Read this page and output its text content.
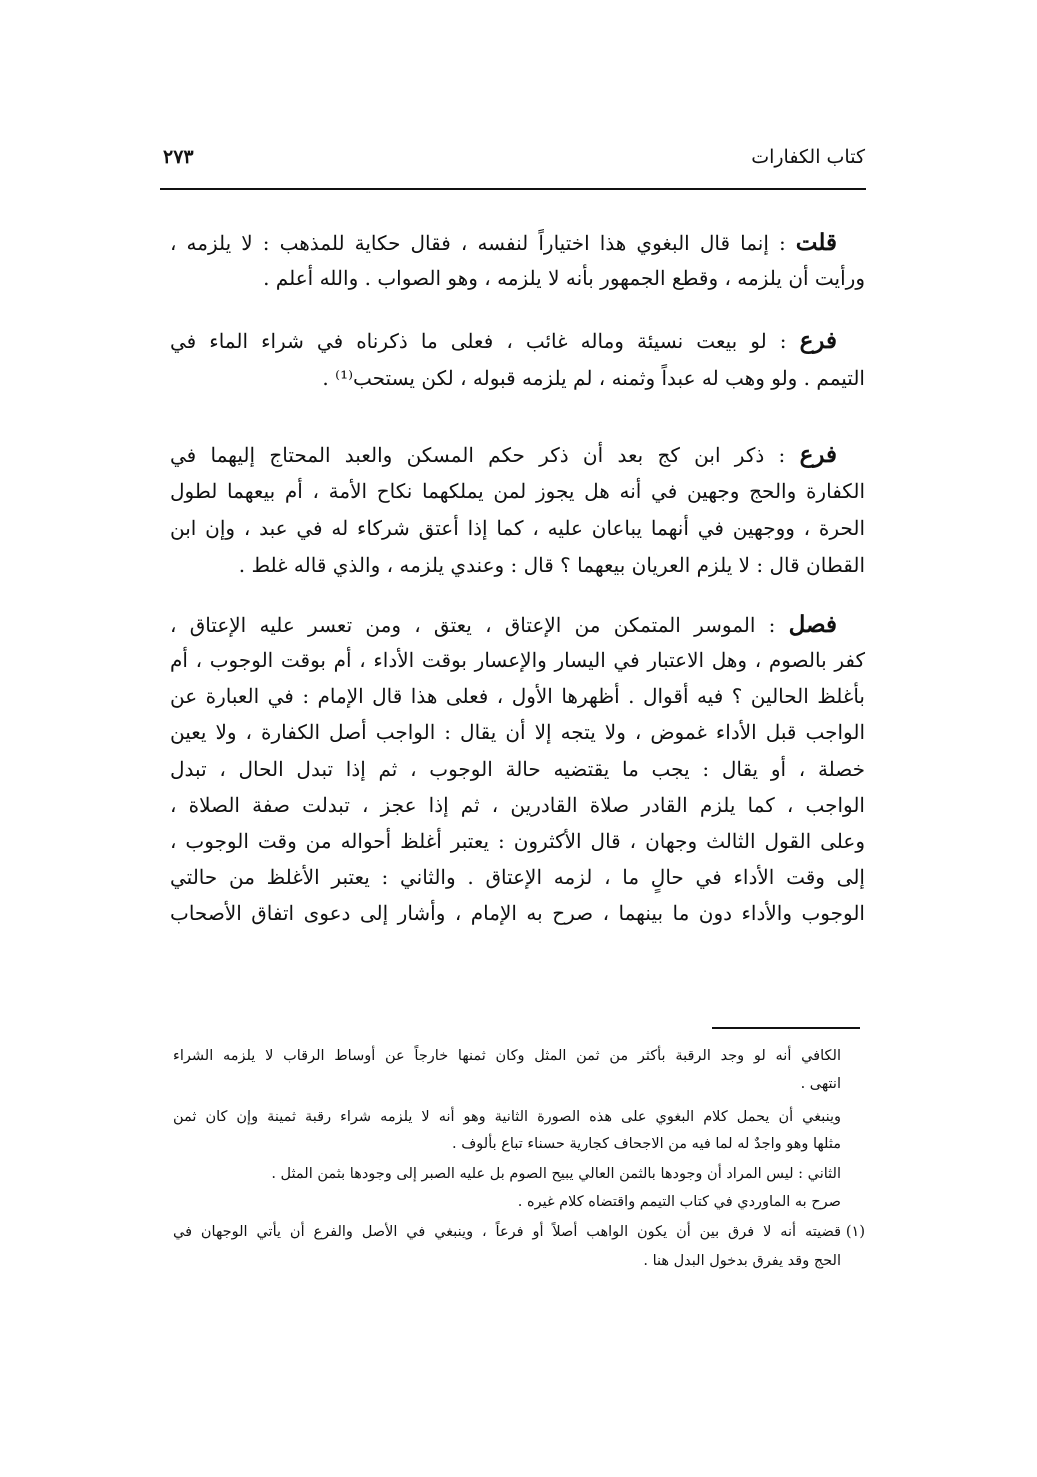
كتاب الكفارات
٢٧٣
قلت : إنما قال البغوي هذا اختياراً لنفسه ، فقال حكاية للمذهب : لا يلزمه ،
ورأيت أن يلزمه ، وقطع الجمهور بأنه لا يلزمه ، وهو الصواب . والله أعلم .
فرع : لو بيعت نسيئة وماله غائب ، فعلى ما ذكرناه في شراء الماء في
التيمم . ولو وهب له عبداً وثمنه ، لم يلزمه قبوله ، لكن يستحب⁽¹⁾ .
فرع : ذكر ابن كج بعد أن ذكر حكم المسكن والعبد المحتاج إليهما في
الكفارة والحج وجهين في أنه هل يجوز لمن يملكهما نكاح الأمة ، أم بيعهما لطول
الحرة ، ووجهين في أنهما يباعان عليه ، كما إذا أعتق شركاء له في عبد ، وإن ابن
القطان قال : لا يلزم العريان بيعهما ؟ قال : وعندي يلزمه ، والذي قاله غلط .
فصل : الموسر المتمكن من الإعتاق ، يعتق ، ومن تعسر عليه الإعتاق ،
كفر بالصوم ، وهل الاعتبار في اليسار والإعسار بوقت الأداء ، أم بوقت الوجوب ، أم
بأغلظ الحالين ؟ فيه أقوال . أظهرها الأول ، فعلى هذا قال الإمام : في العبارة عن
الواجب قبل الأداء غموض ، ولا يتجه إلا أن يقال : الواجب أصل الكفارة ، ولا يعين
خصلة ، أو يقال : يجب ما يقتضيه حالة الوجوب ، ثم إذا تبدل الحال ، تبدل
الواجب ، كما يلزم القادر صلاة القادرين ، ثم إذا عجز ، تبدلت صفة الصلاة ،
وعلى القول الثالث وجهان ، قال الأكثرون : يعتبر أغلظ أحواله من وقت الوجوب ،
إلى وقت الأداء في حالٍ ما ، لزمه الإعتاق . والثاني : يعتبر الأغلظ من حالتي
الوجوب والأداء دون ما بينهما ، صرح به الإمام ، وأشار إلى دعوى اتفاق الأصحاب
الكافي أنه لو وجد الرقبة بأكثر من ثمن المثل وكان ثمنها خارجاً عن أوساط الرقاب لا يلزمه الشراء
انتهى .
وينبغي أن يحمل كلام البغوي على هذه الصورة الثانية وهو أنه لا يلزمه شراء رقبة ثمينة وإن كان ثمن
مثلها وهو واجدٌ له لما فيه من الاجحاف كجارية حسناء تباع بألوف .
الثاني : ليس المراد أن وجودها بالثمن العالي يبيح الصوم بل عليه الصبر إلى وجودها بثمن المثل .
صرح به الماوردي في كتاب التيمم واقتضاه كلام غيره .
(١)قضيته أنه لا فرق بين أن يكون الواهب أصلاً أو فرعاً ، وينبغي في الأصل والفرع أن يأتي الوجهان في
الحج وقد يفرق بدخول البدل هنا .
